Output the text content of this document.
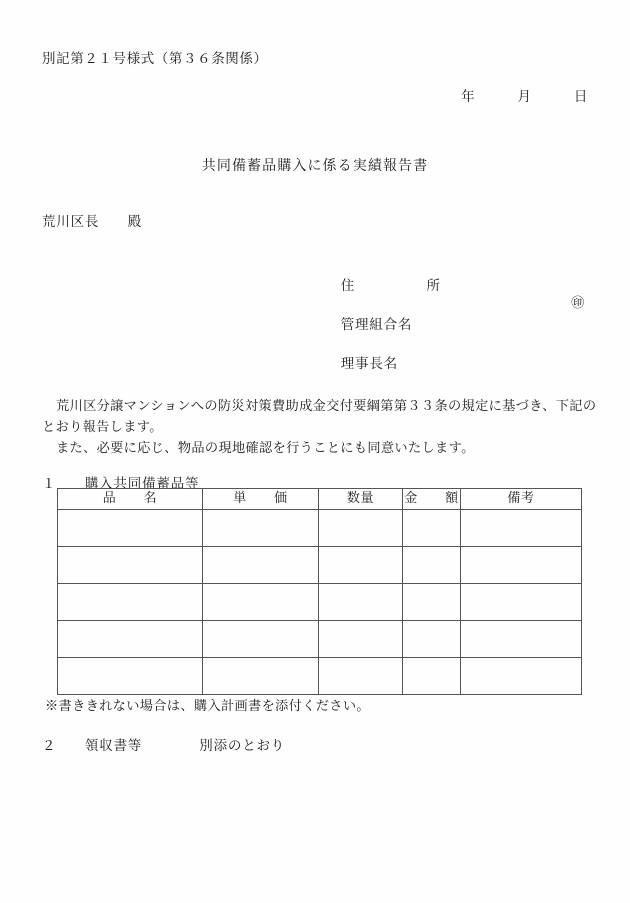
別記第２１号様式（第３６条関係）
年　　　月　　　日
共同備蓄品購入に係る実績報告書
荒川区長　　殿

住　　　　　所

管理組合名

㊞

理事長名

荒川区分譲マンションへの防災対策費助成金交付要綱第第３３条の規定に基づき、下記のとおり報告します。
また、必要に応じ、物品の現地確認を行うことにも同意いたします。
１　　購入共同備蓄品等
品　　名	単　　価	数量	金　　額	備考

※書ききれない場合は、購入計画書を添付ください。
２　　領収書等　　　　別添のとおり
